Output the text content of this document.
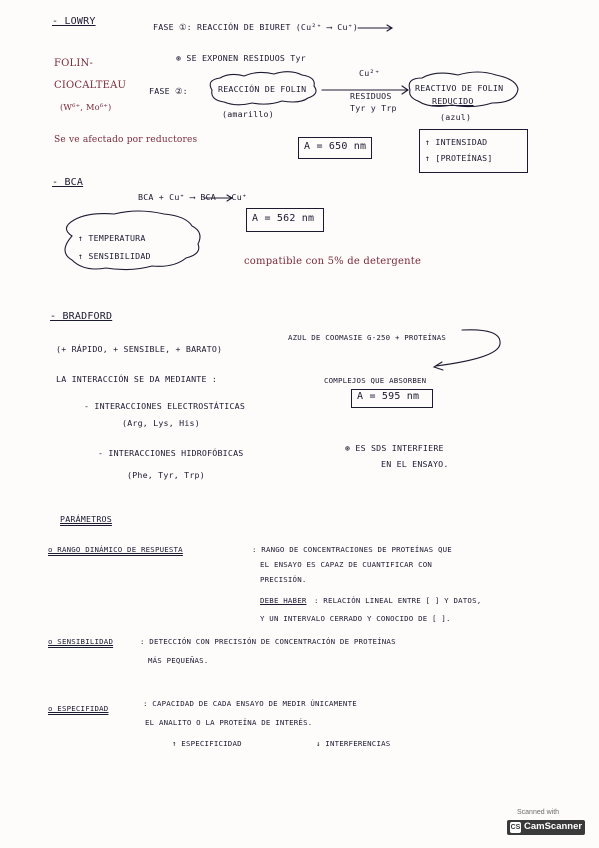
- LOWRY	FASE ①: REACCIÓN DE BIURET (Cu²⁺ ⟶ Cu⁺)
⊛ SE EXPONEN RESIDUOS Tyr
FOLIN-
CIOCALTEAU
(W⁶⁺, Mo⁶⁺)
FASE ②:	REACCIÓN DE FOLIN
(amarillo)
Cu²⁺
RESIDUOS
Tyr y Trp
REACTIVO DE FOLIN
REDUCIDO
(azul)
Se ve afectado por reductores
A = 650 nm	↑ INTENSIDAD
↑ [PROTEÍNAS]
- BCA
BCA + Cu⁺ ⟶ BCA – Cu⁺
A = 562 nm
↑ TEMPERATURA
↑ SENSIBILIDAD	compatible con 5% de detergente
- BRADFORD
(+ RÁPIDO, + SENSIBLE, + BARATO)
AZUL DE COOMASIE G-250 + PROTEÍNAS
LA INTERACCIÓN SE DA MEDIANTE :	COMPLEJOS QUE ABSORBEN
A = 595 nm
- INTERACCIONES ELECTROSTÁTICAS
(Arg, Lys, His)
- INTERACCIONES HIDROFÓBICAS
(Phe, Tyr, Trp)
⊛ ES SDS INTERFIERE
EN EL ENSAYO.
PARÁMETROS
o RANGO DINÁMICO DE RESPUESTA	: RANGO DE CONCENTRACIONES DE PROTEÍNAS QUE
EL ENSAYO ES CAPAZ DE CUANTIFICAR CON
PRECISIÓN.
DEBE HABER : RELACIÓN LINEAL ENTRE [ ] Y DATOS,
Y UN INTERVALO CERRADO Y CONOCIDO DE [ ].
o SENSIBILIDAD	: DETECCIÓN CON PRECISIÓN DE CONCENTRACIÓN DE PROTEÍNAS
MÁS PEQUEÑAS.
o ESPECIFIDAD
: CAPACIDAD DE CADA ENSAYO DE MEDIR ÚNICAMENTE
EL ANALITO O LA PROTEÍNA DE INTERÉS.
↑ ESPECIFICIDAD	↓ INTERFERENCIAS
Scanned with
CS CamScanner
